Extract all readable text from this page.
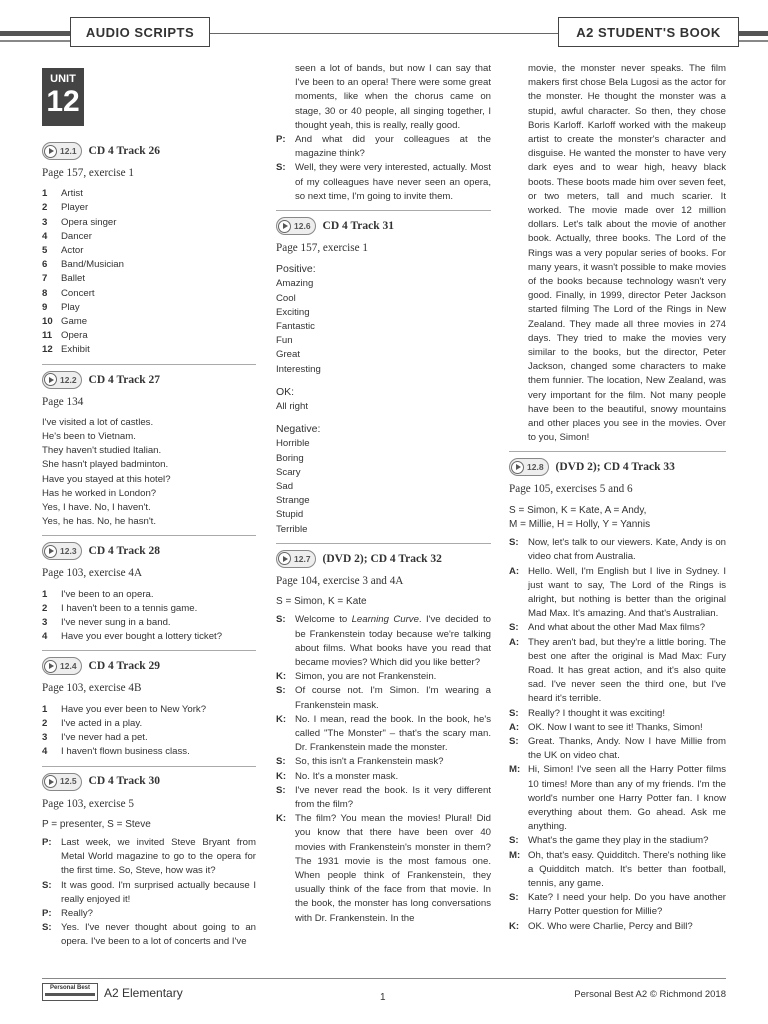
AUDIO SCRIPTS	A2 STUDENT'S BOOK
UNIT
12
12.1 CD 4 Track 26
Page 157, exercise 1
1	Artist
2	Player
3	Opera singer
4	Dancer
5	Actor
6	Band/Musician
7	Ballet
8	Concert
9	Play
10 Game
11 Opera
12 Exhibit
12.2 CD 4 Track 27
Page 134
I've visited a lot of castles.
He's been to Vietnam.
They haven't studied Italian.
She hasn't played badminton.
Have you stayed at this hotel?
Has he worked in London?
Yes, I have. No, I haven't.
Yes, he has. No, he hasn't.
12.3 CD 4 Track 28
Page 103, exercise 4A
1	I've been to an opera.
2	I haven't been to a tennis game.
3	I've never sung in a band.
4	Have you ever bought a lottery ticket?
12.4 CD 4 Track 29
Page 103, exercise 4B
1	Have you ever been to New York?
2	I've acted in a play.
3	I've never had a pet.
4	I haven't flown business class.
12.5 CD 4 Track 30
Page 103, exercise 5
P = presenter, S = Steve
P: Last week, we invited Steve Bryant from Metal World magazine to go to the opera for the first time. So, Steve, how was it?
S: It was good. I'm surprised actually because I really enjoyed it!
P: Really?
S: Yes. I've never thought about going to an opera. I've been to a lot of concerts and I've
seen a lot of bands, but now I can say that I've been to an opera! There were some great moments, like when the chorus came on stage, 30 or 40 people, all singing together, I thought yeah, this is really, really good.
P: And what did your colleagues at the magazine think?
S: Well, they were very interested, actually. Most of my colleagues have never seen an opera, so next time, I'm going to invite them.
12.6 CD 4 Track 31
Page 157, exercise 1
Positive:
Amazing
Cool
Exciting
Fantastic
Fun
Great
Interesting
OK:
All right
Negative:
Horrible
Boring
Scary
Sad
Strange
Stupid
Terrible
12.7 (DVD 2); CD 4 Track 32
Page 104, exercise 3 and 4A
S = Simon, K = Kate
S: Welcome to Learning Curve. I've decided to be Frankenstein today because we're talking about films. What books have you read that became movies? Which did you like better?
K: Simon, you are not Frankenstein.
S: Of course not. I'm Simon. I'm wearing a Frankenstein mask.
K: No. I mean, read the book. In the book, he's called "The Monster" – that's the scary man. Dr. Frankenstein made the monster.
S: So, this isn't a Frankenstein mask?
K: No. It's a monster mask.
S: I've never read the book. Is it very different from the film?
K: The film? You mean the movies! Plural! Did you know that there have been over 40 movies with Frankenstein's monster in them? The 1931 movie is the most famous one. When people think of Frankenstein, they usually think of the face from that movie. In the book, the monster has long conversations with Dr. Frankenstein. In the
movie, the monster never speaks. The film makers first chose Bela Lugosi as the actor for the monster. He thought the monster was a stupid, awful character. So then, they chose Boris Karloff. Karloff worked with the makeup artist to create the monster's character and disguise. He wanted the monster to have very dark eyes and to wear high, heavy black boots. These boots made him over seven feet, or two meters, tall and much scarier. It worked. The movie made over 12 million dollars. Let's talk about the movie of another book. Actually, three books. The Lord of the Rings was a very popular series of books. For many years, it wasn't possible to make movies of the books because technology wasn't very good. Finally, in 1999, director Peter Jackson started filming The Lord of the Rings in New Zealand. They made all three movies in 274 days. They tried to make the movies very similar to the books, but the director, Peter Jackson, changed some characters to make them funnier. The location, New Zealand, was very important for the film. Not many people have been to the beautiful, snowy mountains and other places you see in the movies. Over to you, Simon!
12.8 (DVD 2); CD 4 Track 33
Page 105, exercises 5 and 6
S = Simon, K = Kate, A = Andy,
M = Millie, H = Holly, Y = Yannis
S: Now, let's talk to our viewers. Kate, Andy is on video chat from Australia.
A: Hello. Well, I'm English but I live in Sydney. I just want to say, The Lord of the Rings is alright, but nothing is better than the original Mad Max. It's amazing. And that's Australian.
S: And what about the other Mad Max films?
A: They aren't bad, but they're a little boring. The best one after the original is Mad Max: Fury Road. It has great action, and it's also quite sad. I've never seen the third one, but I've heard it's terrible.
S: Really? I thought it was exciting!
A: OK. Now I want to see it! Thanks, Simon!
S: Great. Thanks, Andy. Now I have Millie from the UK on video chat.
M: Hi, Simon! I've seen all the Harry Potter films 10 times! More than any of my friends. I'm the world's number one Harry Potter fan. I know everything about them. Go ahead. Ask me anything.
S: What's the game they play in the stadium?
M: Oh, that's easy. Quidditch. There's nothing like a Quidditch match. It's better than football, tennis, any game.
S: Kate? I need your help. Do you have another Harry Potter question for Millie?
K: OK. Who were Charlie, Percy and Bill?
Personal Best	A2 Elementary	1	Personal Best A2 © Richmond 2018
